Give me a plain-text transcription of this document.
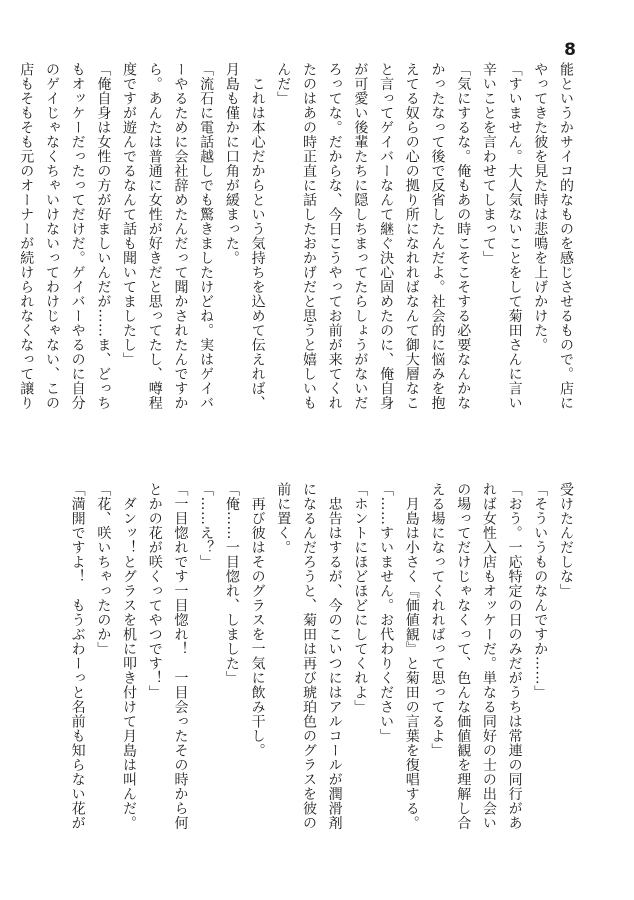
8
能というかサイコ的なものを感じさせるもので。店に
やってきた彼を見た時は悲鳴を上げかけた。
「すいません。大人気ないことをして菊田さんに言い
辛いことを言わせてしまって」
「気にするな。俺もあの時こそこそする必要なんかな
かったなって後で反省したんだよ。社会的に悩みを抱
えてる奴らの心の拠り所になれればなんて御大層なこ
と言ってゲイバーなんて継ぐ決心固めたのに、俺自身
が可愛い後輩たちに隠しちまってたらしょうがないだ
ろってな。だからな、今日こうやってお前が来てくれ
たのはあの時正直に話したおかげだと思うと嬉しいも
んだ」
　これは本心だからという気持ちを込めて伝えれば、
月島も僅かに口角が緩まった。
「流石に電話越しでも驚きましたけどね。実はゲイバ
ーやるために会社辞めたんだって聞かされたんですか
ら。あんたは普通に女性が好きだと思ってたし、噂程
度ですが遊んでるなんて話も聞いてましたし」
「俺自身は女性の方が好ましいんだが……ま、どっち
もオッケーだったってだけだ。ゲイバーやるのに自分
のゲイじゃなくちゃいけないってわけじゃない、この
店もそもそも元のオーナーが続けられなくなって譲り
受けたんだしな」
「そういうものなんですか……」
「おう。一応特定の日のみだがうちは常連の同行があ
れば女性入店もオッケーだ。単なる同好の士の出会い
の場ってだけじゃなくって、色んな価値観を理解し合
える場になってくれればって思ってるよ」
　月島は小さく『価値観』と菊田の言葉を復唱する。
「……すいません。お代わりください」
「ホントにほどほどにしてくれよ」
　忠告はするが、今のこいつにはアルコールが潤滑剤
になるんだろうと、菊田は再び琥珀色のグラスを彼の
前に置く。
　再び彼はそのグラスを一気に飲み干し。
「俺……一目惚れ、しました」
「……え？」
「一目惚れです一目惚れ！　一目会ったその時から何
とかの花が咲くってやつです！」
　ダンッ！とグラスを机に叩き付けて月島は叫んだ。
「花、咲いちゃったのか」
「満開ですよ！　もうぶわーっと名前も知らない花が
